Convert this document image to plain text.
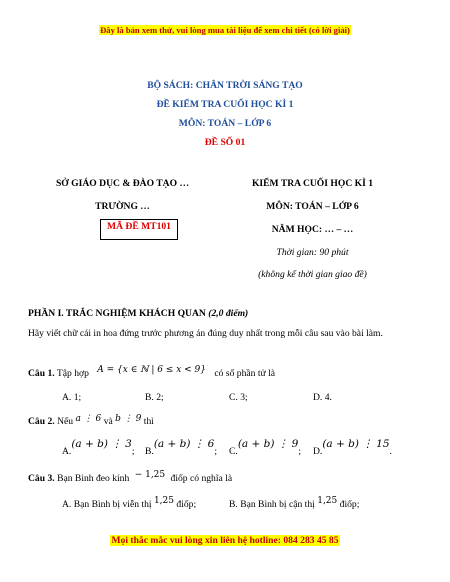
Đây là bản xem thử, vui lòng mua tài liệu để xem chi tiết (có lời giải)
BỘ SÁCH: CHÂN TRỜI SÁNG TẠO
ĐỀ KIỂM TRA CUỐI HỌC KÌ 1
MÔN: TOÁN – LỚP 6
ĐỀ SỐ 01
SỞ GIÁO DỤC & ĐÀO TẠO …
TRƯỜNG …
MÃ ĐỀ MT101
KIỂM TRA CUỐI HỌC KÌ 1
MÔN: TOÁN – LỚP 6
NĂM HỌC: … – …
Thời gian: 90 phút
(không kể thời gian giao đề)
PHẦN I. TRẮC NGHIỆM KHÁCH QUAN (2,0 điểm)
Hãy viết chữ cái in hoa đứng trước phương án đúng duy nhất trong mỗi câu sau vào bài làm.
Câu 1. Tập hợp A = {x ∈ ℕ | 6 ≤ x < 9} có số phần tử là
A. 1;	B. 2;	C. 3;	D. 4.
Câu 2. Nếu a ⋮ 6 và b ⋮ 9 thì
A.(a + b) ⋮ 3; B.(a + b) ⋮ 6; C.(a + b) ⋮ 9; D.(a + b) ⋮ 15.
Câu 3. Bạn Bình đeo kính − 1,25 điốp có nghĩa là
A. Bạn Bình bị viễn thị 1,25 điốp;	B. Bạn Bình bị cận thị 1,25 điốp;
Mọi thắc mắc vui lòng xin liên hệ hotline: 084 283 45 85
